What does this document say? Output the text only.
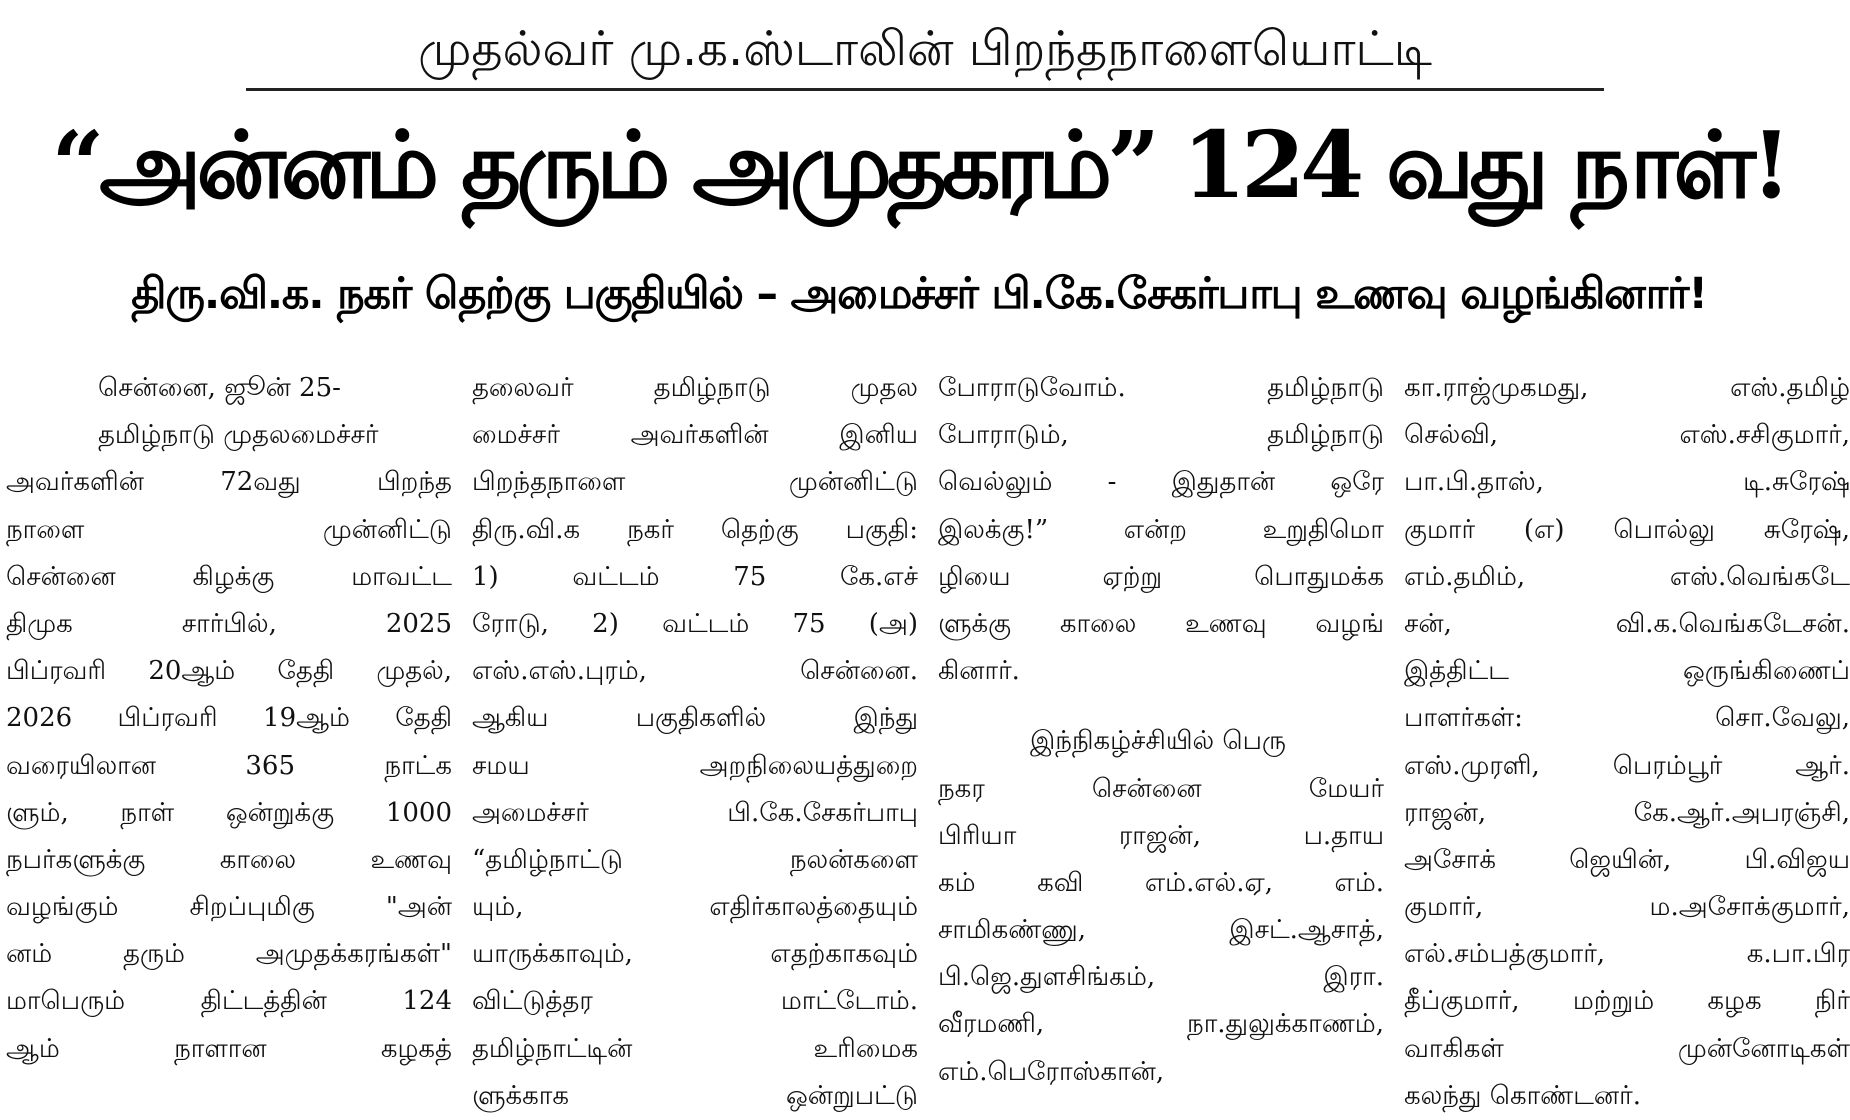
முதல்வர் மு.க.ஸ்டாலின் பிறந்தநாளையொட்டி
“அன்னம் தரும் அமுதகரம்” 124 வது நாள்!
திரு.வி.க. நகர் தெற்கு பகுதியில் – அமைச்சர் பி.கே.சேகர்பாபு உணவு வழங்கினார்!
சென்னை, ஜூன் 25-
தமிழ்நாடு முதலமைச்சர்
அவர்களின் 72வது பிறந்த
நாளை முன்னிட்டு
சென்னை கிழக்கு மாவட்ட
திமுக சார்பில், 2025
பிப்ரவரி 20ஆம் தேதி முதல்,
2026 பிப்ரவரி 19ஆம் தேதி
வரையிலான 365 நாட்க
ளும், நாள் ஒன்றுக்கு 1000
நபர்களுக்கு காலை உணவு
வழங்கும் சிறப்புமிகு "அன்
னம் தரும் அமுதக்கரங்கள்"
மாபெரும் திட்டத்தின் 124
ஆம் நாளான கழகத்
தலைவர் தமிழ்நாடு முதல
மைச்சர் அவர்களின் இனிய
பிறந்தநாளை முன்னிட்டு
திரு.வி.க நகர் தெற்கு பகுதி:
1) வட்டம் 75 கே.எச்
ரோடு, 2) வட்டம் 75 (அ)
எஸ்.எஸ்.புரம், சென்னை.
ஆகிய பகுதிகளில் இந்து
சமய அறநிலையத்துறை
அமைச்சர் பி.கே.சேகர்பாபு
“தமிழ்நாட்டு நலன்களை
யும், எதிர்காலத்தையும்
யாருக்காவும், எதற்காகவும்
விட்டுத்தர மாட்டோம்.
தமிழ்நாட்டின் உரிமைக
ளுக்காக ஒன்றுபட்டு
போராடுவோம். தமிழ்நாடு
போராடும், தமிழ்நாடு
வெல்லும் - இதுதான் ஒரே
இலக்கு!” என்ற உறுதிமொ
ழியை ஏற்று பொதுமக்க
ளுக்கு காலை உணவு வழங்
கினார்.
இந்நிகழ்ச்சியில் பெரு
நகர சென்னை மேயர்
பிரியா ராஜன், ப.தாய
கம் கவி எம்.எல்.ஏ, எம்.
சாமிகண்ணு, இசட்.ஆசாத்,
பி.ஜெ.துளசிங்கம், இரா.
வீரமணி, நா.துலுக்காணம்,
எம்.பெரோஸ்கான்,
கா.ராஜ்முகமது, எஸ்.தமிழ்
செல்வி, எஸ்.சசிகுமார்,
பா.பி.தாஸ், டி.சுரேஷ்
குமார் (எ) பொல்லு சுரேஷ்,
எம்.தமிம், எஸ்.வெங்கடே
சன், வி.க.வெங்கடேசன்.
இத்திட்ட ஒருங்கிணைப்
பாளர்கள்: சொ.வேலு,
எஸ்.முரளி, பெரம்பூர் ஆர்.
ராஜன், கே.ஆர்.அபரஞ்சி,
அசோக் ஜெயின், பி.விஜய
குமார், ம.அசோக்குமார்,
எல்.சம்பத்குமார், க.பா.பிர
தீப்குமார், மற்றும் கழக நிர்
வாகிகள் முன்னோடிகள்
கலந்து கொண்டனர்.
